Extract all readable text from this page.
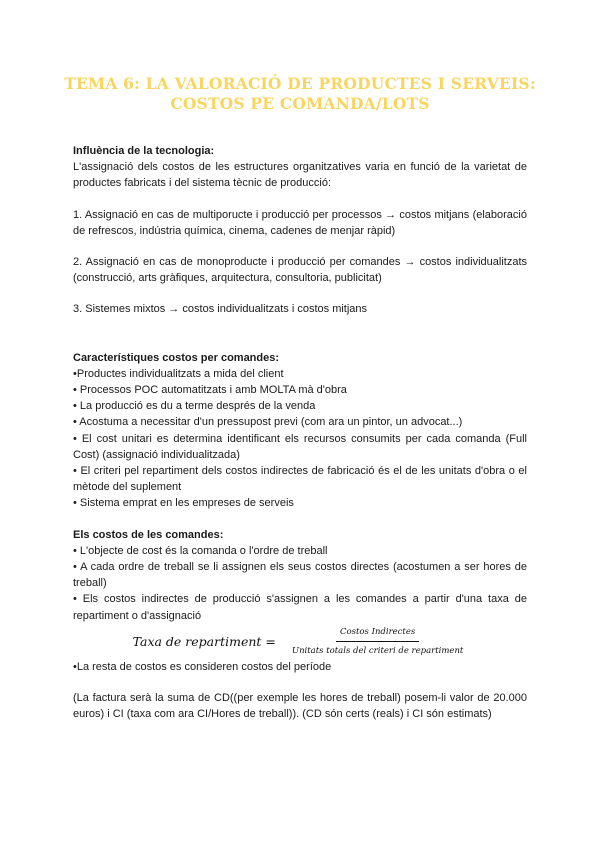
TEMA 6: LA VALORACIÓ DE PRODUCTES I SERVEIS:
COSTOS PE COMANDA/LOTS

Influència de la tecnologia:

L'assignació dels costos de les estructures organitzatives varia en funció de la varietat de productes fabricats i del sistema tècnic de producció:

1. Assignació en cas de multiporucte i producció per processos → costos mitjans (elaboració de refrescos, indústria química, cinema, cadenes de menjar ràpid)

2. Assignació en cas de monoproducte i producció per comandes → costos individualitzats (construcció, arts gràfiques, arquitectura, consultoria, publicitat)

3. Sistemes mixtos → costos individualitzats i costos mitjans

Característiques costos per comandes:

•Productes individualitzats a mida del client

• Processos POC automatitzats i amb MOLTA mà d'obra

• La producció es du a terme després de la venda

• Acostuma a necessitar d'un pressupost previ (com ara un pintor, un advocat...)

• El cost unitari es determina identificant els recursos consumits per cada comanda (Full Cost) (assignació individualitzada)

• El criteri pel repartiment dels costos indirectes de fabricació és el de les unitats d'obra o el mètode del suplement

• Sistema emprat en les empreses de serveis

Els costos de les comandes:

• L'objecte de cost és la comanda o l'ordre de treball

• A cada ordre de treball se li assignen els seus costos directes (acostumen a ser hores de treball)

• Els costos indirectes de producció s'assignen a les comandes a partir d'una taxa de repartiment o d'assignació

Taxa de repartiment = $\frac{\text{Costos Indirectes}}{\text{Unitats totals del criteri de repartiment}}$

•La resta de costos es consideren costos del període

(La factura serà la suma de CD((per exemple les hores de treball) posem-li valor de 20.000 euros) i CI (taxa com ara CI/Hores de treball)). (CD són certs (reals) i CI són estimats)
